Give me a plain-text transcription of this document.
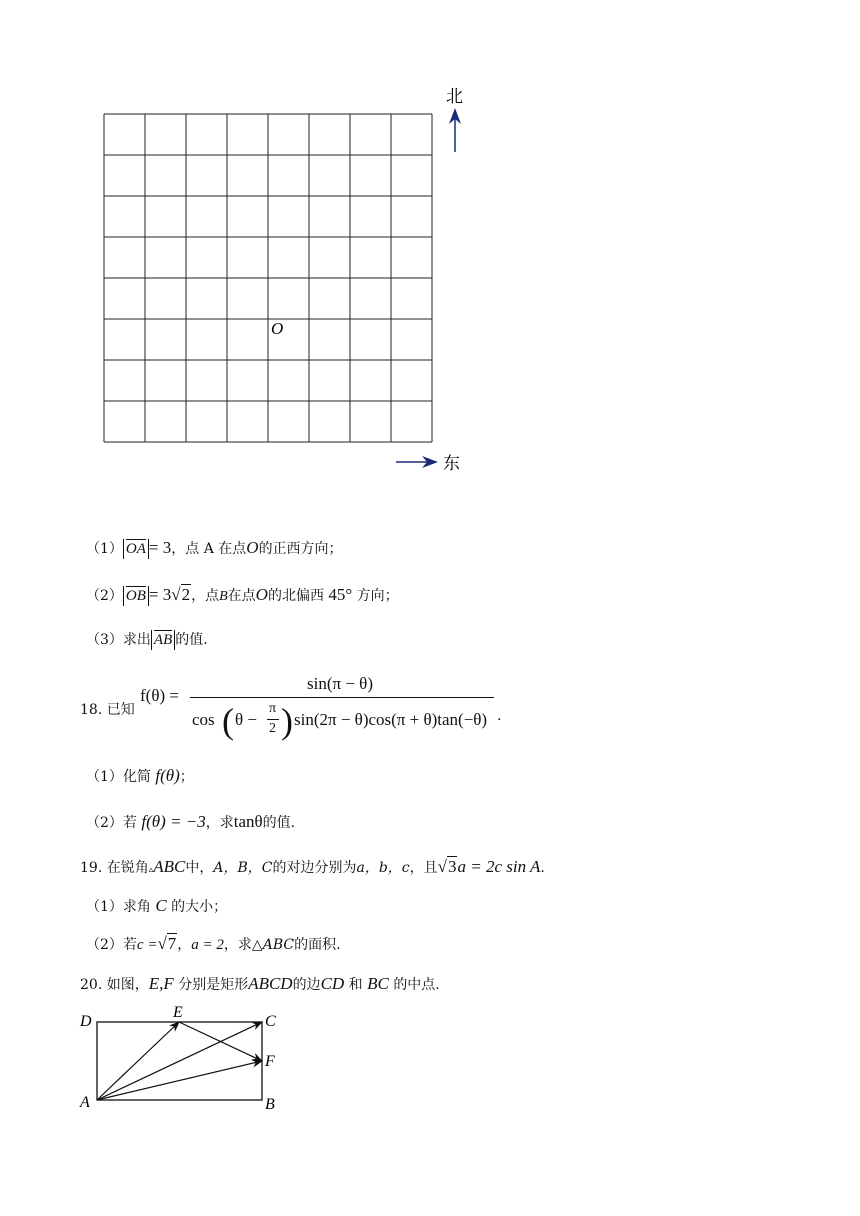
O
北
东
（1） OA = 3，点 A 在点O的正西方向；
（2） OB = 3√2，点B在点O的北偏西 45° 方向；
（3）求出 AB 的值.
18. 已知
f(θ) =
sin(π − θ)
cos ( θ −
π
2 ) sin(2π − θ)cos(π + θ)tan(−θ) .
（1）化简 f(θ)；
（2）若 f(θ) = −3，求tanθ的值.
19. 在锐角▵ABC中，A，B，C的对边分别为a，b，c，且√3a = 2c sin A.
（1）求角 C 的大小；
（2）若c =√7，a = 2，求△ABC的面积.
20. 如图，E,F 分别是矩形ABCD的边CD 和 BC 的中点.
D
E
C
F
A	B
